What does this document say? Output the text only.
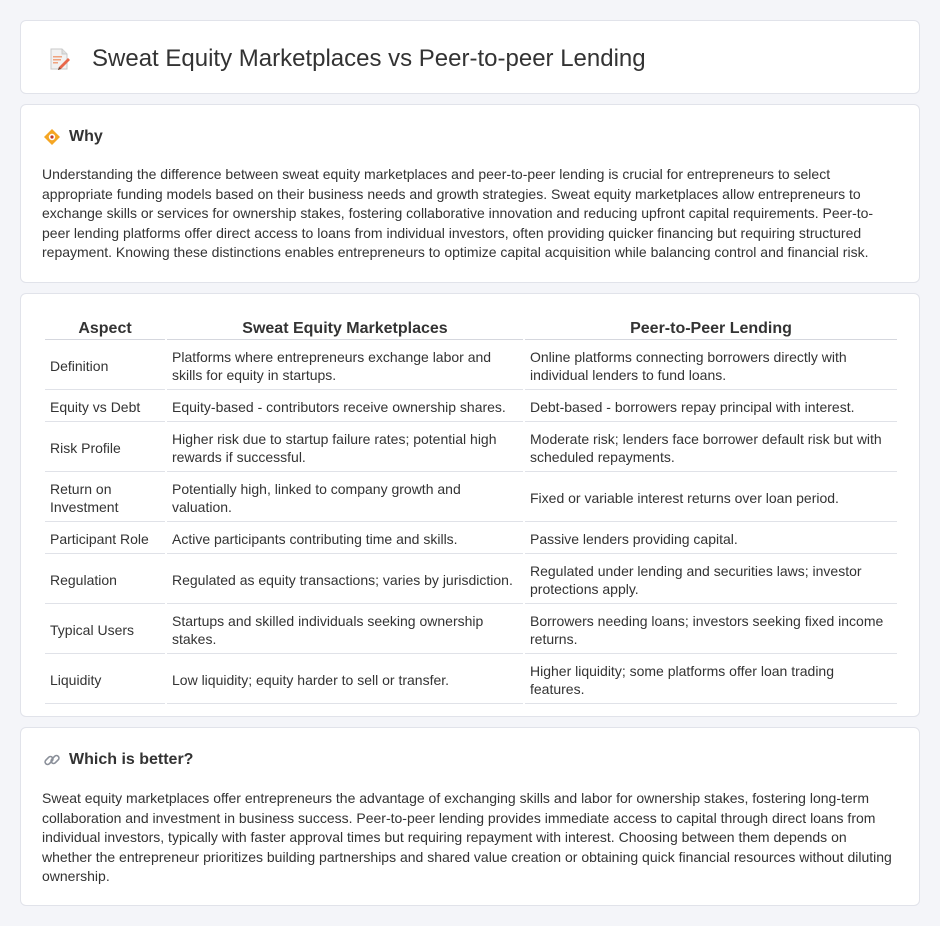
Sweat Equity Marketplaces vs Peer-to-peer Lending
Why

Understanding the difference between sweat equity marketplaces and peer-to-peer lending is crucial for entrepreneurs to select appropriate funding models based on their business needs and growth strategies. Sweat equity marketplaces allow entrepreneurs to exchange skills or services for ownership stakes, fostering collaborative innovation and reducing upfront capital requirements. Peer-to-peer lending platforms offer direct access to loans from individual investors, often providing quicker financing but requiring structured repayment. Knowing these distinctions enables entrepreneurs to optimize capital acquisition while balancing control and financial risk.

Aspect	Sweat Equity Marketplaces	Peer-to-Peer Lending
Definition	Platforms where entrepreneurs exchange labor and skills for equity in startups.	Online platforms connecting borrowers directly with individual lenders to fund loans.
Equity vs Debt	Equity-based - contributors receive ownership shares.	Debt-based - borrowers repay principal with interest.
Risk Profile	Higher risk due to startup failure rates; potential high rewards if successful.	Moderate risk; lenders face borrower default risk but with scheduled repayments.
Return on Investment	Potentially high, linked to company growth and valuation.	Fixed or variable interest returns over loan period.
Participant Role	Active participants contributing time and skills.	Passive lenders providing capital.
Regulation	Regulated as equity transactions; varies by jurisdiction.	Regulated under lending and securities laws; investor protections apply.
Typical Users	Startups and skilled individuals seeking ownership stakes.	Borrowers needing loans; investors seeking fixed income returns.
Liquidity	Low liquidity; equity harder to sell or transfer.	Higher liquidity; some platforms offer loan trading features.
Which is better?

Sweat equity marketplaces offer entrepreneurs the advantage of exchanging skills and labor for ownership stakes, fostering long-term collaboration and investment in business success. Peer-to-peer lending provides immediate access to capital through direct loans from individual investors, typically with faster approval times but requiring repayment with interest. Choosing between them depends on whether the entrepreneur prioritizes building partnerships and shared value creation or obtaining quick financial resources without diluting ownership.
